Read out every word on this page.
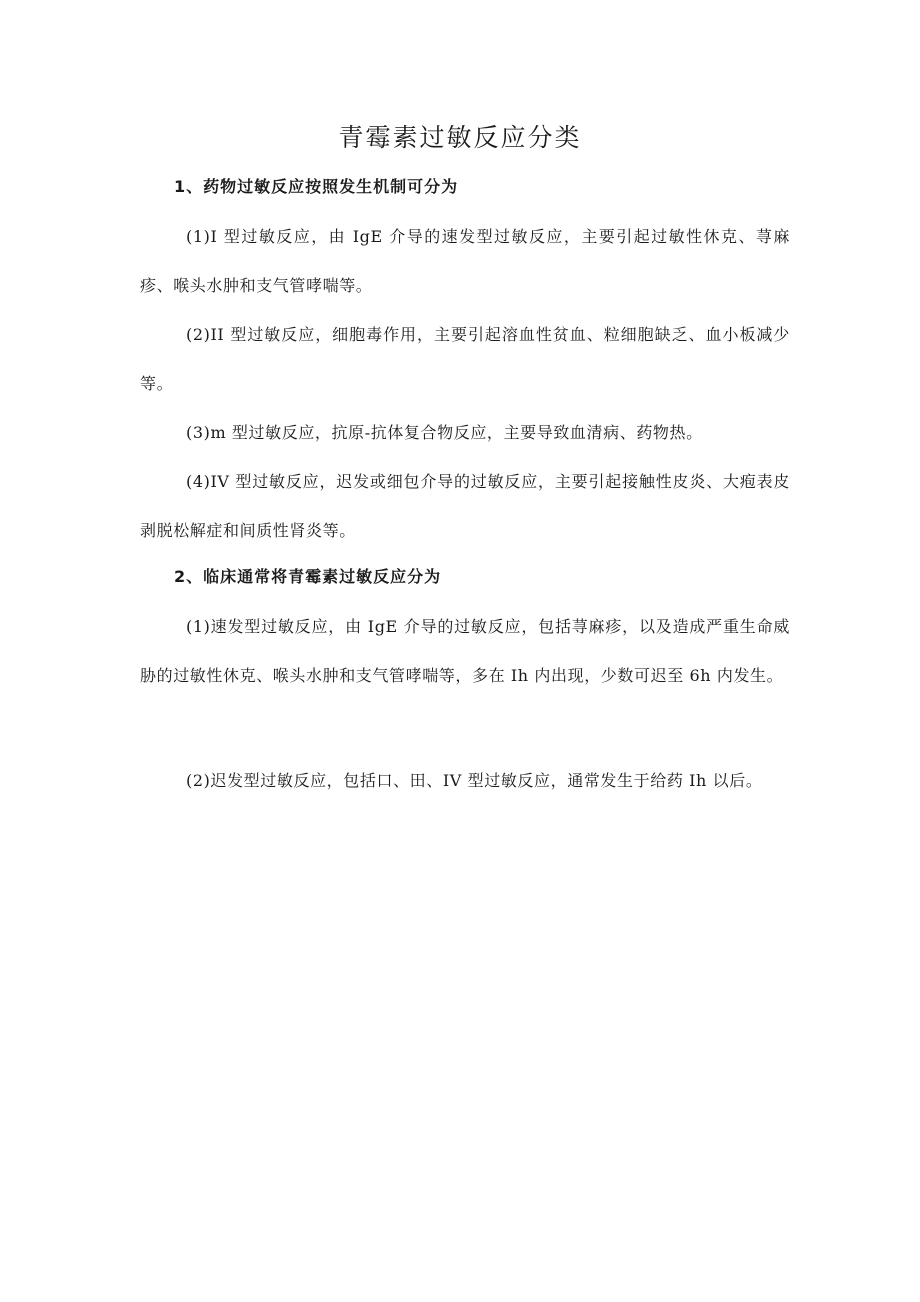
青霉素过敏反应分类
1、药物过敏反应按照发生机制可分为
(1)I 型过敏反应，由 IgE 介导的速发型过敏反应，主要引起过敏性休克、荨麻疹、喉头水肿和支气管哮喘等。
(2)II 型过敏反应，细胞毒作用，主要引起溶血性贫血、粒细胞缺乏、血小板减少等。
(3)m 型过敏反应，抗原-抗体复合物反应，主要导致血清病、药物热。
(4)IV 型过敏反应，迟发或细包介导的过敏反应，主要引起接触性皮炎、大疱表皮剥脱松解症和间质性肾炎等。
2、临床通常将青霉素过敏反应分为
(1)速发型过敏反应，由 IgE 介导的过敏反应，包括荨麻疹，以及造成严重生命威胁的过敏性休克、喉头水肿和支气管哮喘等，多在 Ih 内出现，少数可迟至 6h 内发生。
(2)迟发型过敏反应，包括口、田、IV 型过敏反应，通常发生于给药 Ih 以后。
